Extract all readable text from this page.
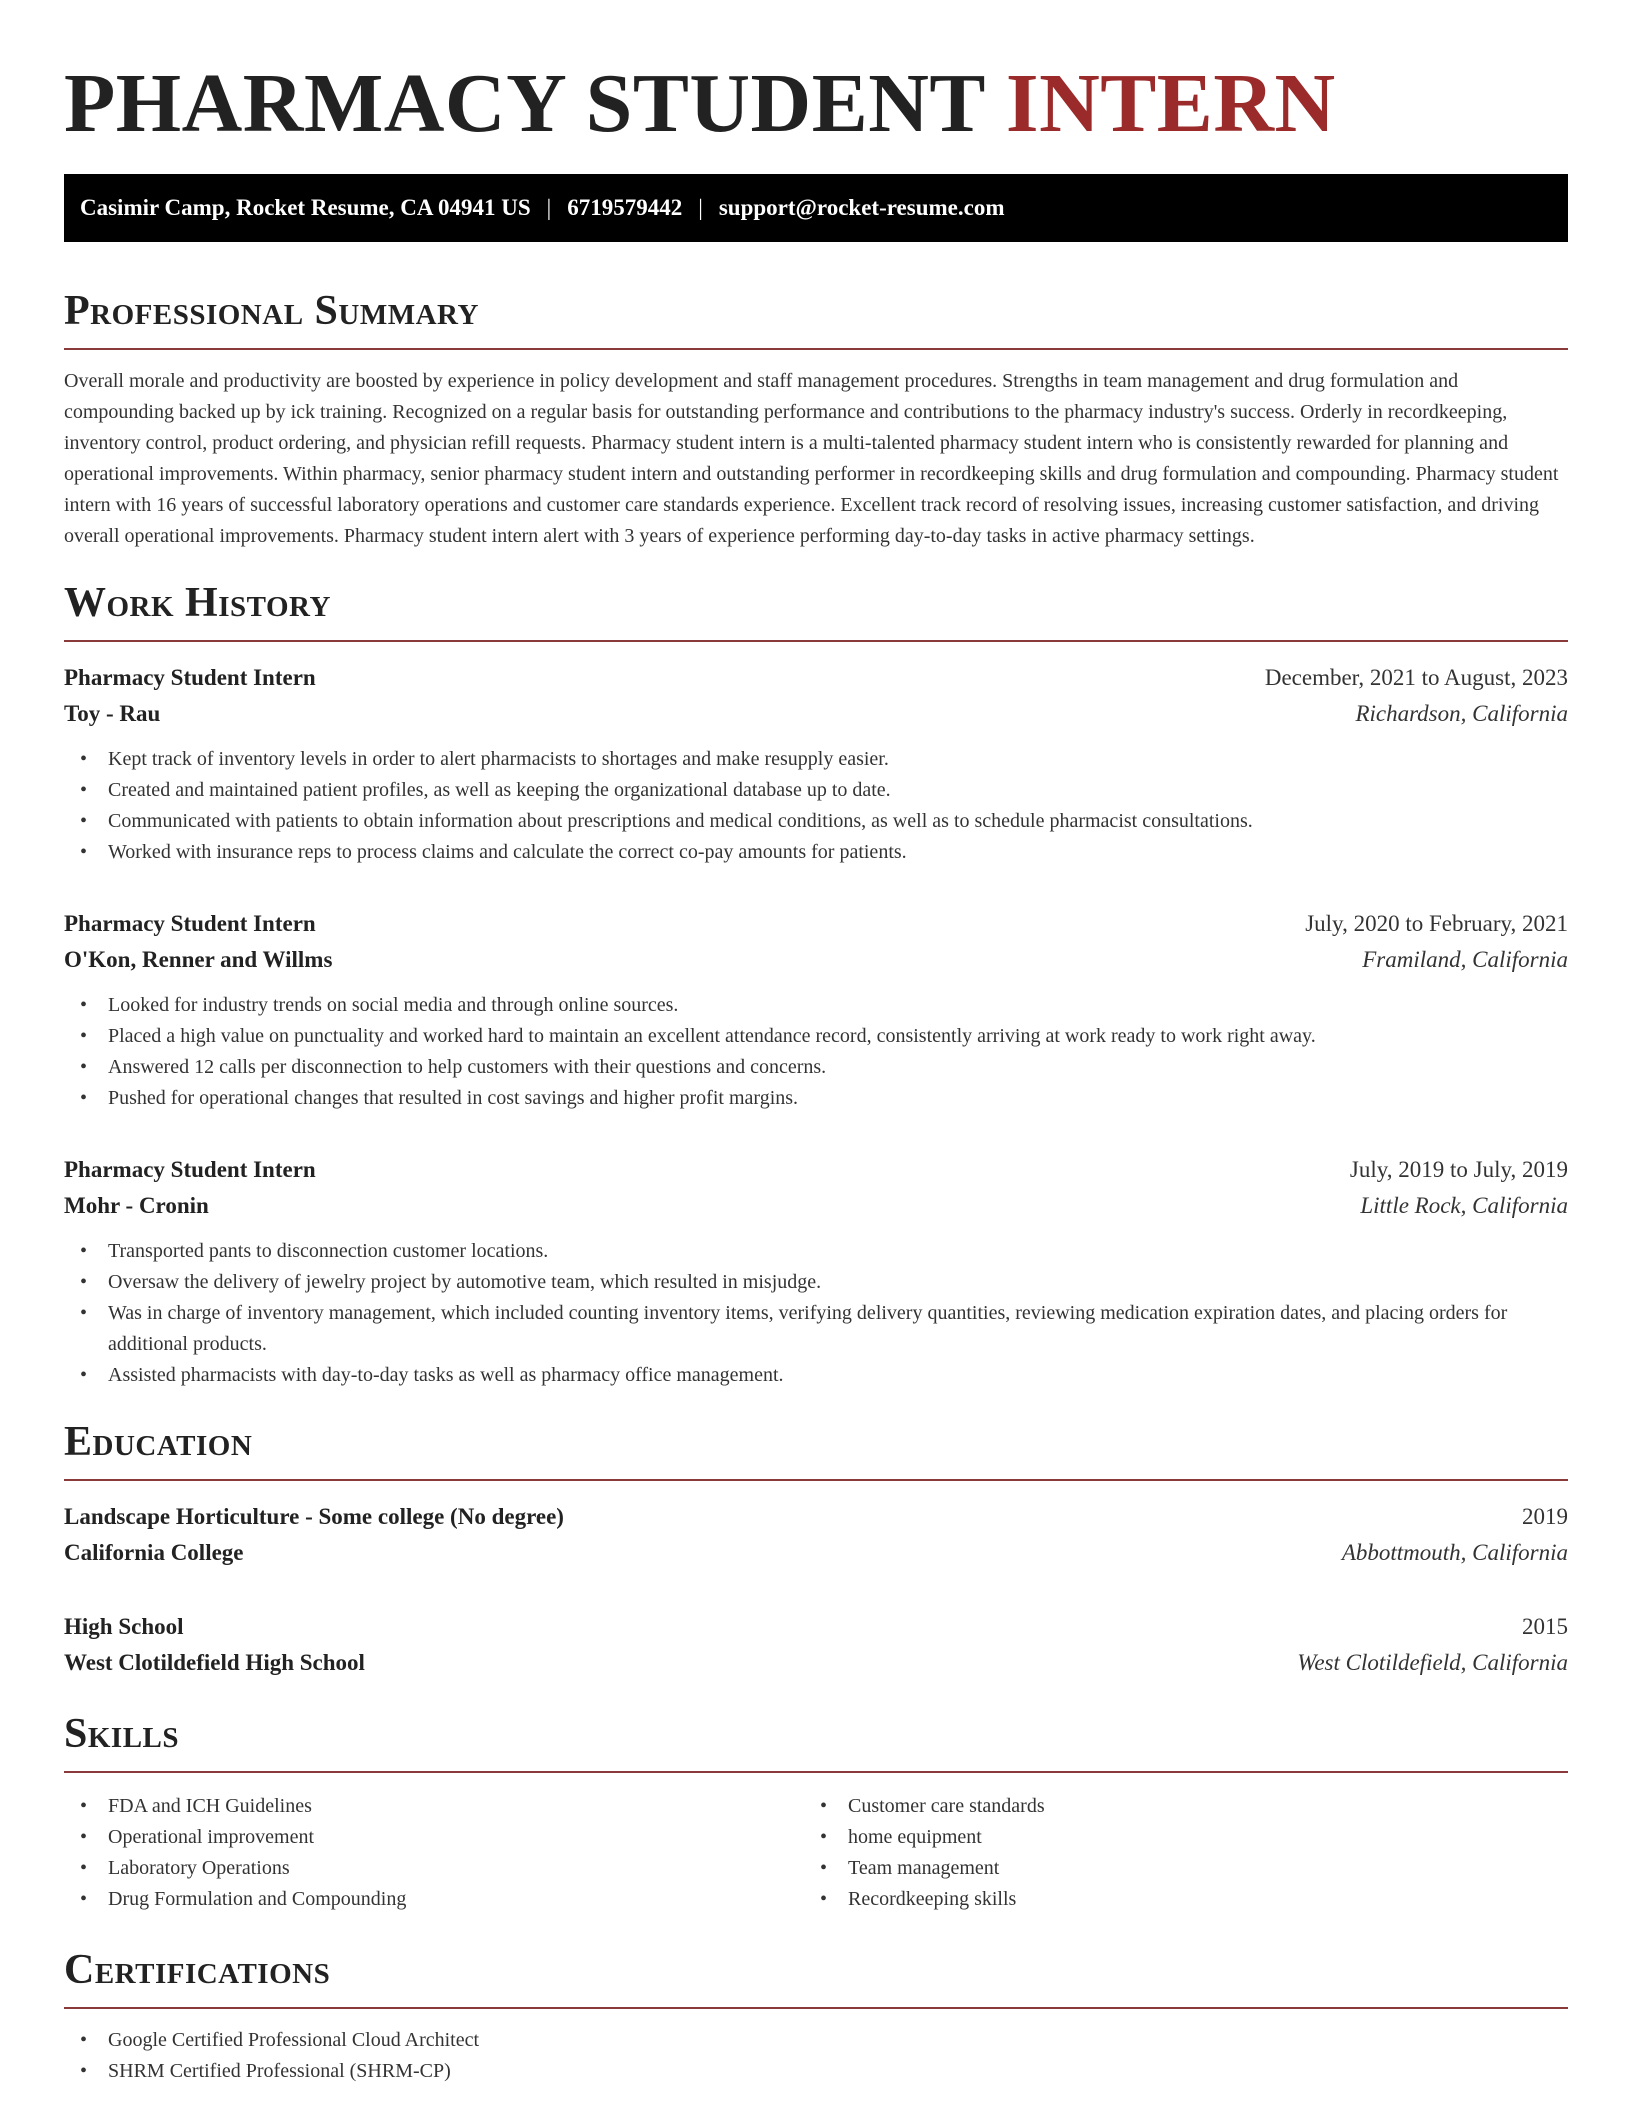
PHARMACY STUDENT INTERN
Casimir Camp, Rocket Resume, CA 04941 US | 6719579442 | support@rocket-resume.com
Professional Summary

Overall morale and productivity are boosted by experience in policy development and staff management procedures. Strengths in team management and drug formulation and compounding backed up by ick training. Recognized on a regular basis for outstanding performance and contributions to the pharmacy industry's success. Orderly in recordkeeping, inventory control, product ordering, and physician refill requests. Pharmacy student intern is a multi-talented pharmacy student intern who is consistently rewarded for planning and operational improvements. Within pharmacy, senior pharmacy student intern and outstanding performer in recordkeeping skills and drug formulation and compounding. Pharmacy student intern with 16 years of successful laboratory operations and customer care standards experience. Excellent track record of resolving issues, increasing customer satisfaction, and driving overall operational improvements. Pharmacy student intern alert with 3 years of experience performing day-to-day tasks in active pharmacy settings.

Work History
Pharmacy Student Intern	December, 2021 to August, 2023
Toy - Rau	Richardson, California
• Kept track of inventory levels in order to alert pharmacists to shortages and make resupply easier.
• Created and maintained patient profiles, as well as keeping the organizational database up to date.
• Communicated with patients to obtain information about prescriptions and medical conditions, as well as to schedule pharmacist consultations.
• Worked with insurance reps to process claims and calculate the correct co-pay amounts for patients.
Pharmacy Student Intern	July, 2020 to February, 2021
O'Kon, Renner and Willms	Framiland, California
• Looked for industry trends on social media and through online sources.
• Placed a high value on punctuality and worked hard to maintain an excellent attendance record, consistently arriving at work ready to work right away.
• Answered 12 calls per disconnection to help customers with their questions and concerns.
• Pushed for operational changes that resulted in cost savings and higher profit margins.
Pharmacy Student Intern	July, 2019 to July, 2019
Mohr - Cronin	Little Rock, California
• Transported pants to disconnection customer locations.
• Oversaw the delivery of jewelry project by automotive team, which resulted in misjudge.
• Was in charge of inventory management, which included counting inventory items, verifying delivery quantities, reviewing medication expiration dates, and placing orders for additional products.
• Assisted pharmacists with day-to-day tasks as well as pharmacy office management.
Education
Landscape Horticulture - Some college (No degree)	2019
California College	Abbottmouth, California
High School	2015
West Clotildefield High School	West Clotildefield, California
Skills
• FDA and ICH Guidelines
• Operational improvement
• Laboratory Operations
• Drug Formulation and Compounding
• Customer care standards
• home equipment
• Team management
• Recordkeeping skills
Certifications
• Google Certified Professional Cloud Architect
• SHRM Certified Professional (SHRM-CP)
